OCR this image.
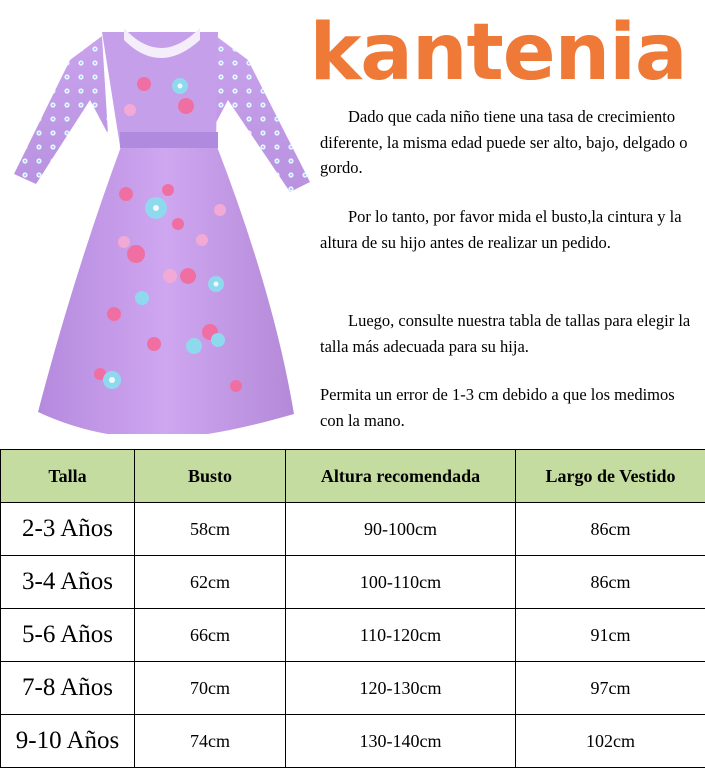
kantenia

Dado que cada niño tiene una tasa de crecimiento diferente, la misma edad puede ser alto, bajo, delgado o gordo.

Por lo tanto, por favor mida el busto,la cintura y la altura de su hijo antes de realizar un pedido.

Luego, consulte nuestra tabla de tallas para elegir la talla más adecuada para su hija.

Permita un error de 1-3 cm debido a que los medimos con la mano.

Talla	Busto	Altura recomendada	Largo de Vestido
2-3 Años	58cm	90-100cm	86cm
3-4 Años	62cm	100-110cm	86cm
5-6 Años	66cm	110-120cm	91cm
7-8 Años	70cm	120-130cm	97cm
9-10 Años	74cm	130-140cm	102cm
